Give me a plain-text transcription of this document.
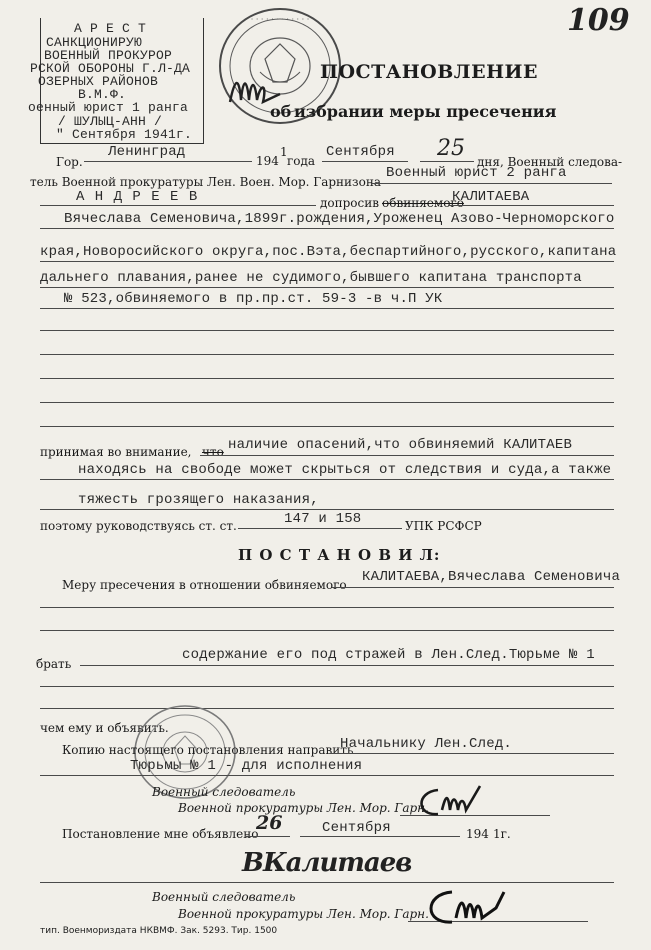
109
А Р Е С Т
САНКЦИОНИРУЮ
ВОЕННЫЙ ПРОКУРОР
РСКОЙ ОБОРОНЫ Г.Л-ДА
ОЗЕРНЫХ РАЙОНОВ
В.М.Ф.
оенный юрист 1 ранга
/ ШУЛЫЦ-АНН /
" Сентября 1941г.
· · · · · · · · · · · ·
ПОСТАНОВЛЕНИЕ
об избрании меры пресечения
Гор.
Ленинград
194
1
года
Сентября 25
дня, Военный следова-
тель Военной прокуратуры Лен. Воен. Мор. Гарнизона
Военный юрист 2 ранга
А Н Д Р Е Е В	допросив обвиняемого
КАЛИТАЕВА
Вячеслава Семеновича,1899г.рождения,Уроженец Азово-Черноморского
края,Новоросийского округа,пос.Вэта,беспартийного,русского,капитана
дальнего плавания,ранее не судимого,бывшего капитана транспорта
№ 523,обвиняемого в пр.пр.ст. 59-3 -в ч.П УК
принимая во внимание, что наличие опасений,что обвиняемий КАЛИТАЕВ
находясь на свободе может скрыться от следствия и суда,а также
тяжесть грозящего наказания,
поэтому руководствуясь ст. ст.	147 и 158	УПК РСФСР
П О С Т А Н О В И Л:
Меру пресечения в отношении обвиняемого КАЛИТАЕВА,Вячеслава Семеновича
брать
содержание его под стражей в Лен.След.Тюрьме № 1
чем ему и объявить.
Копию настоящего постановления направить
Начальнику Лен.След.
Тюрьмы № 1 - для исполнения
Военный следователь
Военной прокуратуры Лен. Мор. Гарн.
Постановление мне объявлено
26	Сентября	194 1г.
ВКалитаев
Военный следователь
Военной прокуратуры Лен. Мор. Гарн.
тип. Военмориздата НКВМФ. Зак. 5293. Тир. 1500
